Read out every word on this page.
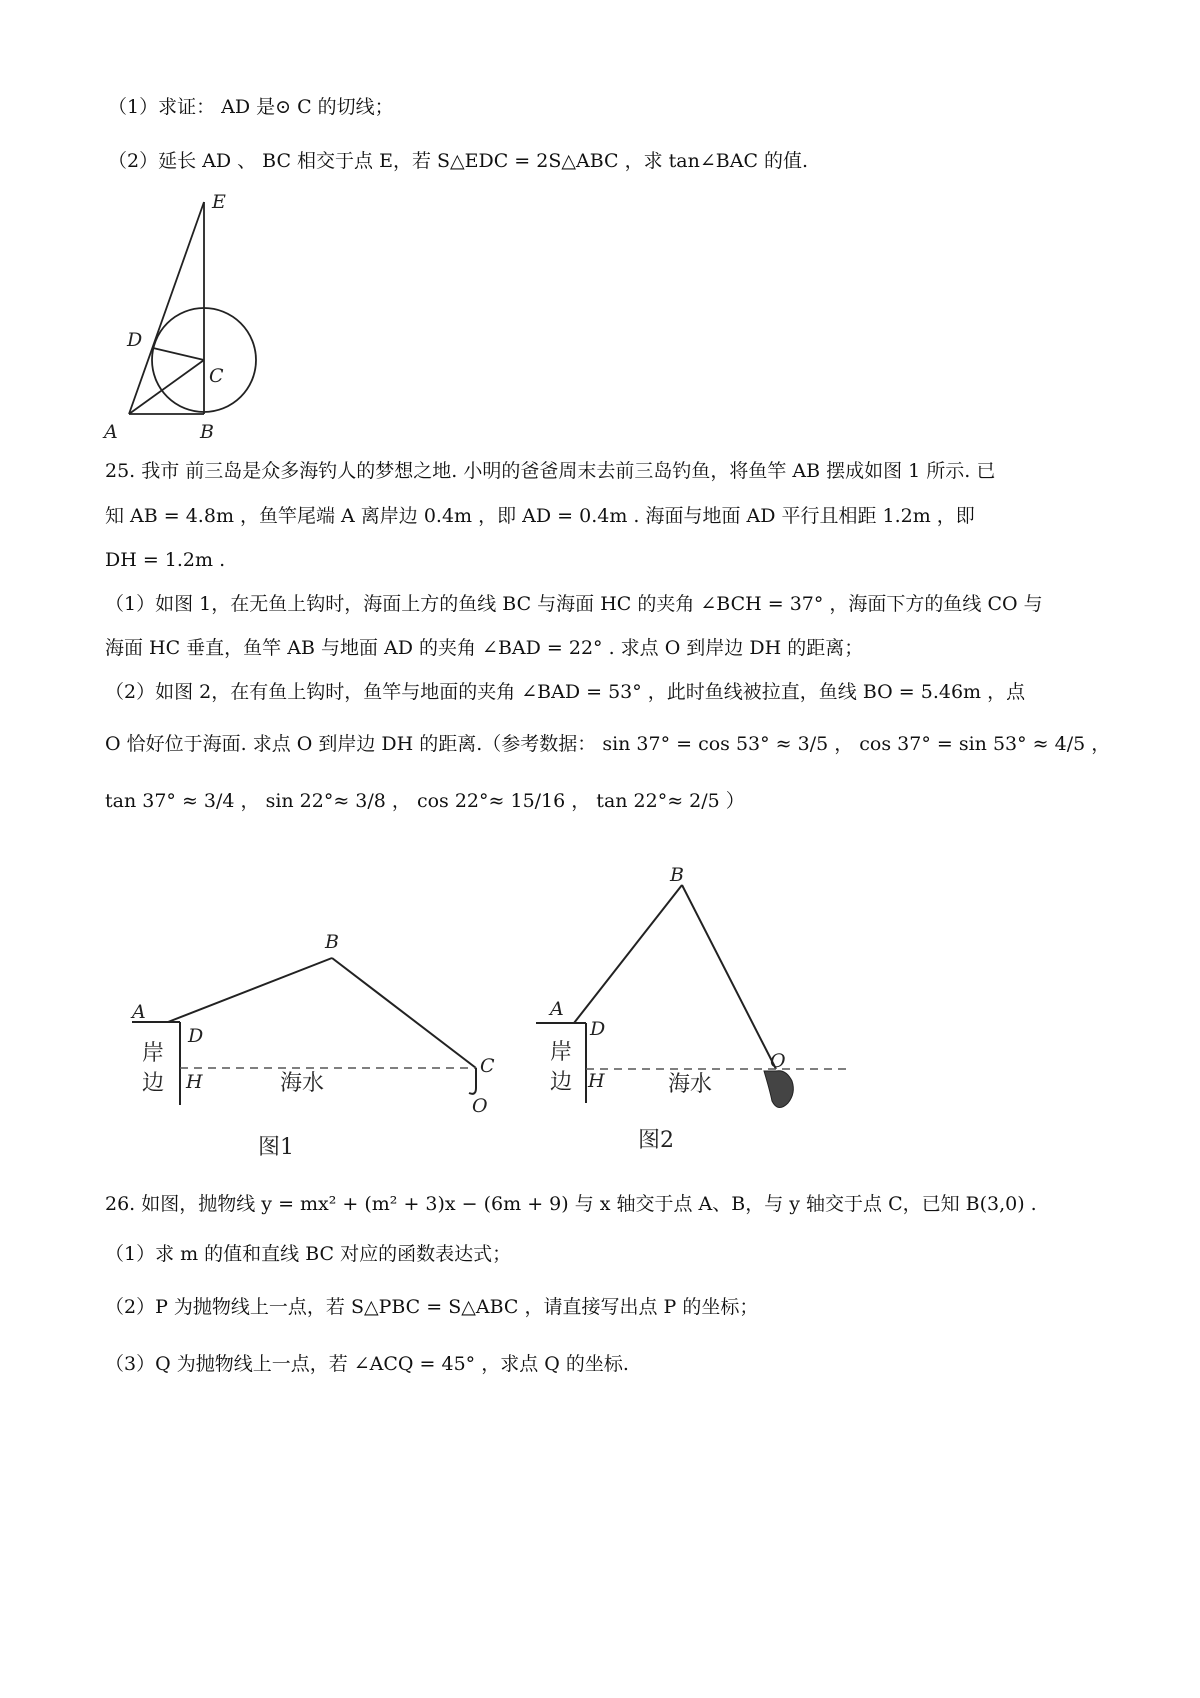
（1）求证： AD 是⊙ C 的切线；
（2）延长 AD 、 BC 相交于点 E，若 S△EDC = 2S△ABC ，求 tan∠BAC 的值.
E
D
C
A	B
25. 我市 前三岛是众多海钓人的梦想之地. 小明的爸爸周末去前三岛钓鱼，将鱼竿 AB 摆成如图 1 所示. 已
知 AB = 4.8m ，鱼竿尾端 A 离岸边 0.4m ，即 AD = 0.4m . 海面与地面 AD 平行且相距 1.2m ，即
DH = 1.2m .
（1）如图 1，在无鱼上钩时，海面上方的鱼线 BC 与海面 HC 的夹角 ∠BCH = 37° ，海面下方的鱼线 CO 与
海面 HC 垂直，鱼竿 AB 与地面 AD 的夹角 ∠BAD = 22° . 求点 O 到岸边 DH 的距离；
（2）如图 2，在有鱼上钩时，鱼竿与地面的夹角 ∠BAD = 53° ，此时鱼线被拉直，鱼线 BO = 5.46m ，点
O 恰好位于海面. 求点 O 到岸边 DH 的距离.（参考数据： sin 37° = cos 53° ≈ 3/5 ， cos 37° = sin 53° ≈ 4/5 ，
tan 37° ≈ 3/4 ， sin 22°≈ 3/8 ， cos 22°≈ 15/16 ， tan 22°≈ 2/5 ）
A
B
D
H
C
O
岸
边	海水
图1
B
A
D
H
O
岸
边	海水
图2
26. 如图，抛物线 y = mx² + (m² + 3)x − (6m + 9) 与 x 轴交于点 A、B，与 y 轴交于点 C，已知 B(3,0) .
（1）求 m 的值和直线 BC 对应的函数表达式；
（2）P 为抛物线上一点，若 S△PBC = S△ABC ，请直接写出点 P 的坐标；
（3）Q 为抛物线上一点，若 ∠ACQ = 45° ，求点 Q 的坐标.
